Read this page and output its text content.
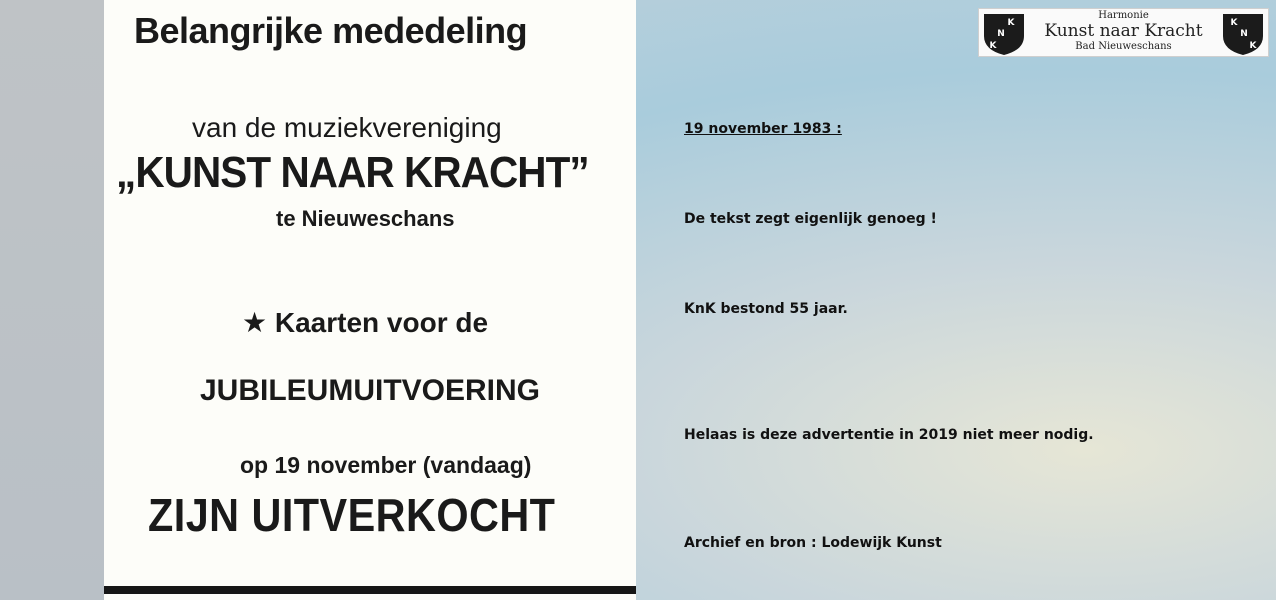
Belangrijke mededeling
van de muziekvereniging
„KUNST NAAR KRACHT”
te Nieuweschans
★ Kaarten voor de
JUBILEUMUITVOERING
op 19 november (vandaag)
ZIJN UITVERKOCHT
K
N
K
Harmonie
Kunst naar Kracht
Bad Nieuweschans
K
N
K
19 november 1983 :
De tekst zegt eigenlijk genoeg !
KnK bestond 55 jaar.
Helaas is deze advertentie in 2019 niet meer nodig.
Archief en bron : Lodewijk Kunst
